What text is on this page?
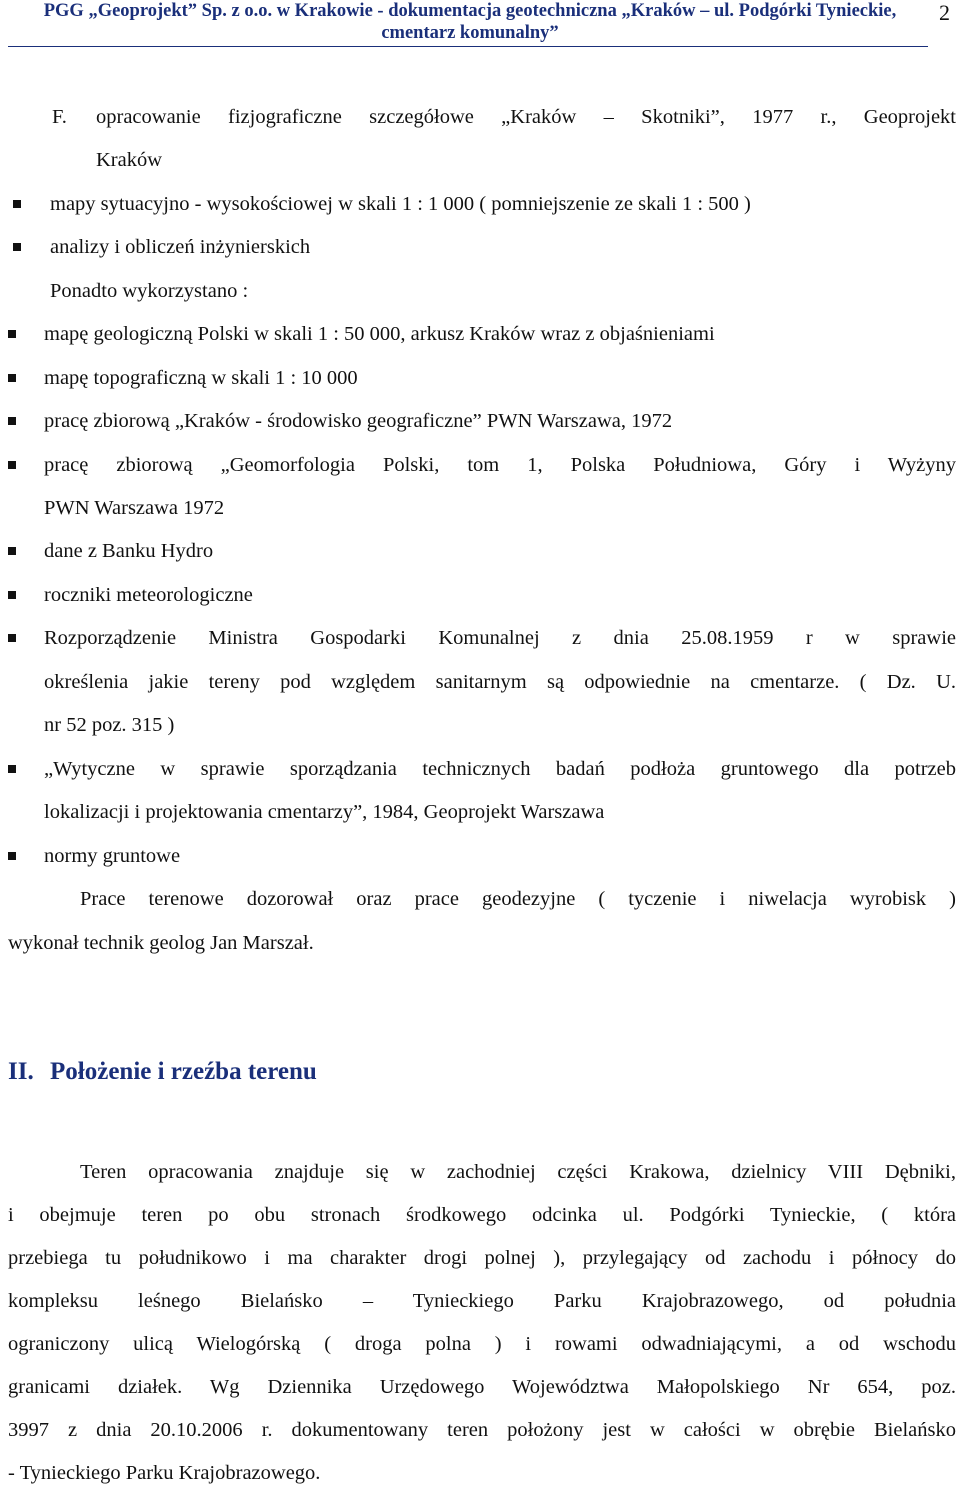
PGG „Geoprojekt” Sp. z o.o. w Krakowie - dokumentacja geotechniczna „Kraków – ul. Podgórki Tynieckie,
cmentarz komunalny”
2
F. opracowanie fizjograficzne szczegółowe „Kraków – Skotniki”, 1977 r., Geoprojekt
Kraków
mapy sytuacyjno - wysokościowej w skali 1 : 1 000 ( pomniejszenie ze skali 1 : 500 )
analizy i obliczeń inżynierskich
Ponadto wykorzystano :
mapę geologiczną Polski w skali 1 : 50 000, arkusz Kraków wraz z objaśnieniami
mapę topograficzną w skali 1 : 10 000
pracę zbiorową „Kraków - środowisko geograficzne” PWN Warszawa, 1972
pracę zbiorową „Geomorfologia Polski, tom 1, Polska Południowa, Góry i Wyżyny
PWN Warszawa 1972
dane z Banku Hydro
roczniki meteorologiczne
Rozporządzenie Ministra Gospodarki Komunalnej z dnia 25.08.1959 r w sprawie
określenia jakie tereny pod względem sanitarnym są odpowiednie na cmentarze. ( Dz. U.
nr 52 poz. 315 )
„Wytyczne w sprawie sporządzania technicznych badań podłoża gruntowego dla potrzeb
lokalizacji i projektowania cmentarzy”, 1984, Geoprojekt Warszawa
normy gruntowe
Prace terenowe dozorował oraz prace geodezyjne ( tyczenie i niwelacja wyrobisk )
wykonał technik geolog Jan Marszał.
II. Położenie i rzeźba terenu
Teren opracowania znajduje się w zachodniej części Krakowa, dzielnicy VIII Dębniki,
i obejmuje teren po obu stronach środkowego odcinka ul. Podgórki Tynieckie, ( która
przebiega tu południkowo i ma charakter drogi polnej ), przylegający od zachodu i północy do
kompleksu leśnego Bielańsko – Tynieckiego Parku Krajobrazowego, od południa
ograniczony ulicą Wielogórską ( droga polna ) i rowami odwadniającymi, a od wschodu
granicami działek. Wg Dziennika Urzędowego Województwa Małopolskiego Nr 654, poz.
3997 z dnia 20.10.2006 r. dokumentowany teren położony jest w całości w obrębie Bielańsko
- Tynieckiego Parku Krajobrazowego.
